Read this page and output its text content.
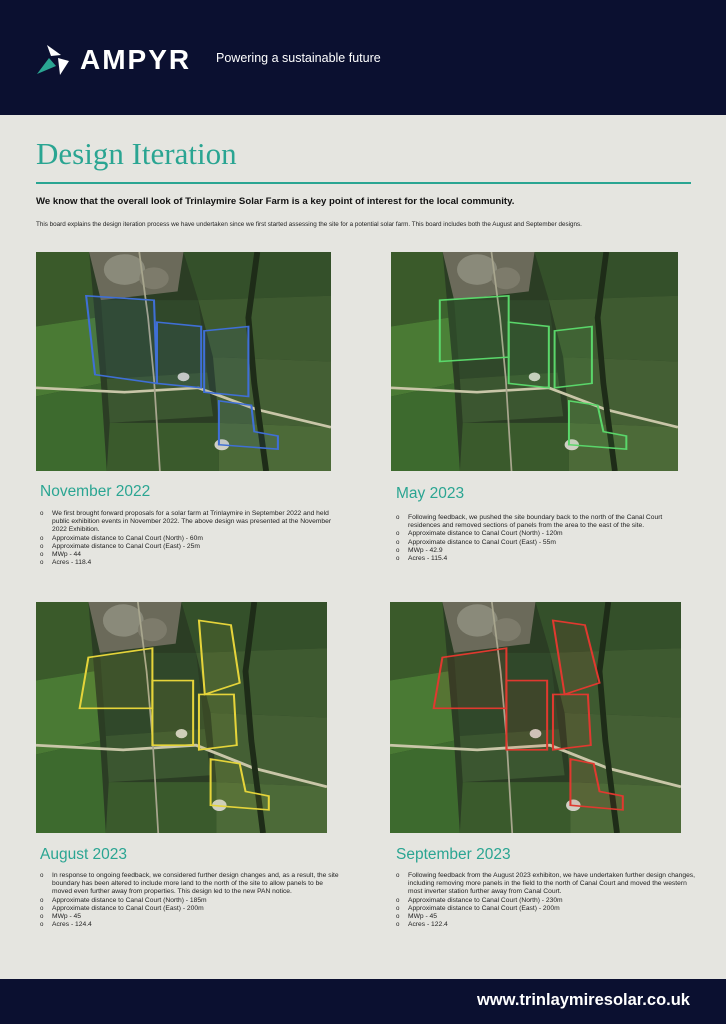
AMPYR Powering a sustainable future
Design Iteration
We know that the overall look of Trinlaymire Solar Farm is a key point of interest for the local community.
This board explains the design iteration process we have undertaken since we first started assessing the site for a potential solar farm. This board includes both the August and September designs.
November 2022	May 2023
August 2023	September 2023
o We first brought forward proposals for a solar farm at Trinlaymire in September 2022 and held public exhibition events in November 2022. The above design was presented at the November 2022 Exhibition.
o Approximate distance to Canal Court (North) - 60m
o Approximate distance to Canal Court (East) - 25m
o MWp - 44
o Acres - 118.4
o Following feedback, we pushed the site boundary back to the north of the Canal Court residences and removed sections of panels from the area to the east of the site.
o Approximate distance to Canal Court (North) - 120m
o Approximate distance to Canal Court (East) - 55m
o MWp - 42.9
o Acres - 115.4
o In response to ongoing feedback, we considered further design changes and, as a result, the site boundary has been altered to include more land to the north of the site to allow panels to be moved even further away from properties. This design led to the new PAN notice.
o Approximate distance to Canal Court (North) - 185m
o Approximate distance to Canal Court (East) - 200m
o MWp - 45
o Acres - 124.4
o Following feedback from the August 2023 exhibiton, we have undertaken further design changes, including removing more panels in the field to the north of Canal Court and moved the western most inverter station further away from Canal Court.
o Approximate distance to Canal Court (North) - 230m
o Approximate distance to Canal Court (East) - 200m
o MWp - 45
o Acres - 122.4
www.trinlaymiresolar.co.uk
